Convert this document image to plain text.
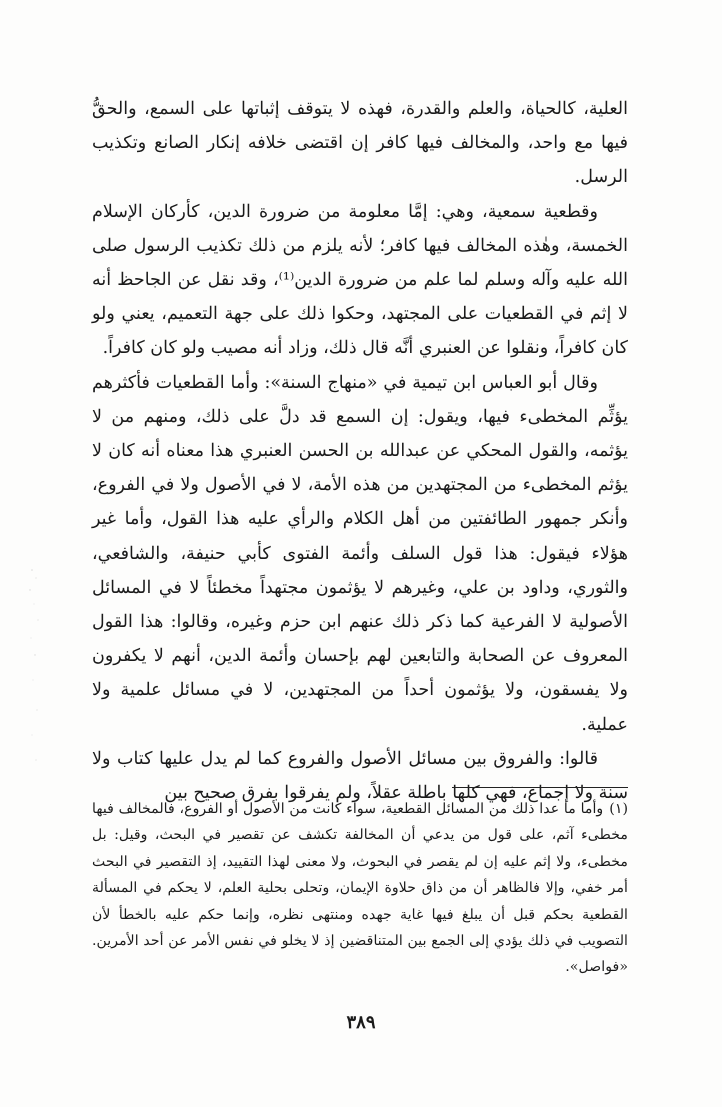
العلية، كالحياة، والعلم والقدرة، فهذه لا يتوقف إثباتها على السمع، والحقُّ فيها مع واحد، والمخالف فيها كافر إن اقتضى خلافه إنكار الصانع وتكذيب الرسل.

وقطعية سمعية، وهي: إمَّا معلومة من ضرورة الدين، كأركان الإسلام الخمسة، وهٰذه المخالف فيها كافر؛ لأنه يلزم من ذلك تكذيب الرسول صلى الله عليه وآله وسلم لما علم من ضرورة الدين⁽¹⁾، وقد نقل عن الجاحظ أنه لا إثم في القطعيات على المجتهد، وحكوا ذلك على جهة التعميم، يعني ولو كان كافراً، ونقلوا عن العنبري أنَّه قال ذلك، وزاد أنه مصيب ولو كان كافراً.

وقال أبو العباس ابن تيمية في «منهاج السنة»: وأما القطعيات فأكثرهم يؤثِّم المخطىء فيها، ويقول: إن السمع قد دلَّ على ذلك، ومنهم من لا يؤثمه، والقول المحكي عن عبدالله بن الحسن العنبري هذا معناه أنه كان لا يؤثم المخطىء من المجتهدين من هذه الأمة، لا في الأصول ولا في الفروع، وأنكر جمهور الطائفتين من أهل الكلام والرأي عليه هذا القول، وأما غير هؤلاء فيقول: هذا قول السلف وأئمة الفتوى كأبي حنيفة، والشافعي، والثوري، وداود بن علي، وغيرهم لا يؤثمون مجتهداً مخطئاً لا في المسائل الأصولية لا الفرعية كما ذكر ذلك عنهم ابن حزم وغيره، وقالوا: هذا القول المعروف عن الصحابة والتابعين لهم بإحسان وأئمة الدين، أنهم لا يكفرون ولا يفسقون، ولا يؤثمون أحداً من المجتهدين، لا في مسائل علمية ولا عملية.

قالوا: والفروق بين مسائل الأصول والفروع كما لم يدل عليها كتاب ولا سنة ولا إجماع، فهي كلها باطلة عقلاً، ولم يفرقوا بفرق صحيح بين

(١)وأما ما عدا ذلك من المسائل القطعية، سواء كانت من الأصول أو الفروع، فالمخالف فيها مخطىء آثم، على قول من يدعي أن المخالفة تكشف عن تقصير في البحث، وقيل: بل مخطىء، ولا إثم عليه إن لم يقصر في البحوث، ولا معنى لهذا التقييد، إذ التقصير في البحث أمر خفي، وإلا فالظاهر أن من ذاق حلاوة الإيمان، وتحلى بحلية العلم، لا يحكم في المسألة القطعية بحكم قبل أن يبلغ فيها غاية جهده ومنتهى نظره، وإنما حكم عليه بالخطأ لأن التصويب في ذلك يؤدي إلى الجمع بين المتناقضين إذ لا يخلو في نفس الأمر عن أحد الأمرين. «فواصل».

٣٨٩
